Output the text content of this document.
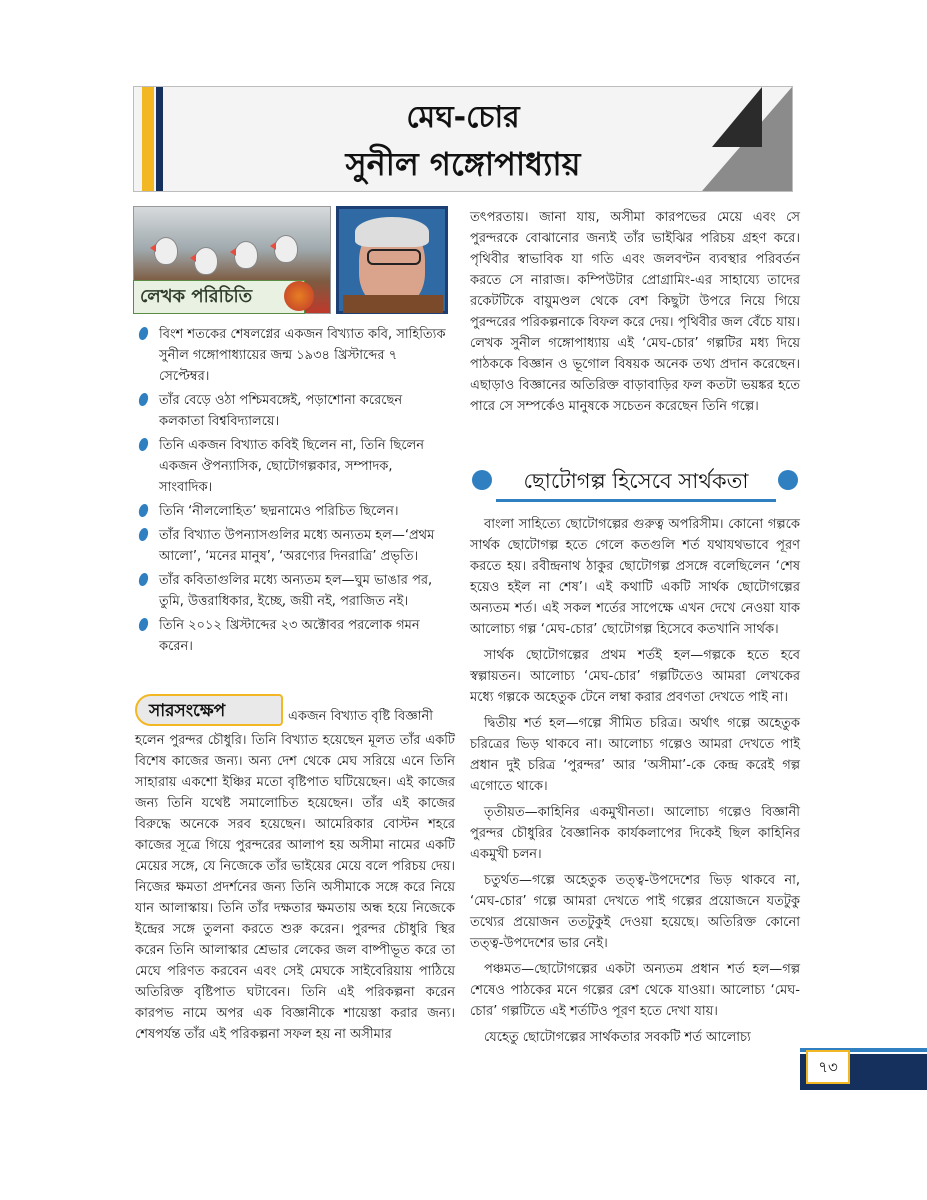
মেঘ-চোর
সুনীল গঙ্গোপাধ্যায়
লেখক পরিচিতি
বিংশ শতকের শেষলগ্নের একজন বিখ্যাত কবি, সাহিত্যিক সুনীল গঙ্গোপাধ্যায়ের জন্ম ১৯৩৪ খ্রিস্টাব্দের ৭ সেপ্টেম্বর।
তাঁর বেড়ে ওঠা পশ্চিমবঙ্গেই, পড়াশোনা করেছেন কলকাতা বিশ্ববিদ্যালয়ে।
তিনি একজন বিখ্যাত কবিই ছিলেন না, তিনি ছিলেন একজন ঔপন্যাসিক, ছোটোগল্পকার, সম্পাদক, সাংবাদিক।
তিনি ‘নীললোহিত’ ছদ্মনামেও পরিচিত ছিলেন।
তাঁর বিখ্যাত উপন্যাসগুলির মধ্যে অন্যতম হল—‘প্রথম আলো’, ‘মনের মানুষ’, ‘অরণ্যের দিনরাত্রি’ প্রভৃতি।
তাঁর কবিতাগুলির মধ্যে অন্যতম হল—ঘুম ভাঙার পর, তুমি, উত্তরাধিকার, ইচ্ছে, জয়ী নই, পরাজিত নই।
তিনি ২০১২ খ্রিস্টাব্দের ২৩ অক্টোবর পরলোক গমন করেন।
সারসংক্ষেপ	একজন বিখ্যাত বৃষ্টি বিজ্ঞানী
হলেন পুরন্দর চৌধুরি। তিনি বিখ্যাত হয়েছেন মূলত তাঁর একটি বিশেষ কাজের জন্য। অন্য দেশ থেকে মেঘ সরিয়ে এনে তিনি সাহারায় একশো ইঞ্চির মতো বৃষ্টিপাত ঘটিয়েছেন। এই কাজের জন্য তিনি যথেষ্ট সমালোচিত হয়েছেন। তাঁর এই কাজের বিরুদ্ধে অনেকে সরব হয়েছেন। আমেরিকার বোস্টন শহরে কাজের সূত্রে গিয়ে পুরন্দরের আলাপ হয় অসীমা নামের একটি মেয়ের সঙ্গে, যে নিজেকে তাঁর ভাইয়ের মেয়ে বলে পরিচয় দেয়। নিজের ক্ষমতা প্রদর্শনের জন্য তিনি অসীমাকে সঙ্গে করে নিয়ে যান আলাস্কায়। তিনি তাঁর দক্ষতার ক্ষমতায় অন্ধ হয়ে নিজেকে ইন্দ্রের সঙ্গে তুলনা করতে শুরু করেন। পুরন্দর চৌধুরি স্থির করেন তিনি আলাস্কার শ্রেভার লেকের জল বাষ্পীভূত করে তা মেঘে পরিণত করবেন এবং সেই মেঘকে সাইবেরিয়ায় পাঠিয়ে অতিরিক্ত বৃষ্টিপাত ঘটাবেন। তিনি এই পরিকল্পনা করেন কারপভ নামে অপর এক বিজ্ঞানীকে শায়েস্তা করার জন্য। শেষপর্যন্ত তাঁর এই পরিকল্পনা সফল হয় না অসীমার
তৎপরতায়। জানা যায়, অসীমা কারপভের মেয়ে এবং সে পুরন্দরকে বোঝানোর জন্যই তাঁর ভাইঝির পরিচয় গ্রহণ করে। পৃথিবীর স্বাভাবিক যা গতি এবং জলবণ্টন ব্যবস্থার পরিবর্তন করতে সে নারাজ। কম্পিউটার প্রোগ্রামিং-এর সাহায্যে তাদের রকেটটিকে বায়ুমণ্ডল থেকে বেশ কিছুটা উপরে নিয়ে গিয়ে পুরন্দরের পরিকল্পনাকে বিফল করে দেয়। পৃথিবীর জল বেঁচে যায়। লেখক সুনীল গঙ্গোপাধ্যায় এই ‘মেঘ-চোর’ গল্পটির মধ্য দিয়ে পাঠককে বিজ্ঞান ও ভূগোল বিষয়ক অনেক তথ্য প্রদান করেছেন। এছাড়াও বিজ্ঞানের অতিরিক্ত বাড়াবাড়ির ফল কতটা ভয়ঙ্কর হতে পারে সে সম্পর্কেও মানুষকে সচেতন করেছেন তিনি গল্পে।
ছোটোগল্প হিসেবে সার্থকতা

বাংলা সাহিত্যে ছোটোগল্পের গুরুত্ব অপরিসীম। কোনো গল্পকে সার্থক ছোটোগল্প হতে গেলে কতগুলি শর্ত যথাযথভাবে পূরণ করতে হয়। রবীন্দ্রনাথ ঠাকুর ছোটোগল্প প্রসঙ্গে বলেছিলেন ‘শেষ হয়েও হইল না শেষ’। এই কথাটি একটি সার্থক ছোটোগল্পের অন্যতম শর্ত। এই সকল শর্তের সাপেক্ষে এখন দেখে নেওয়া যাক আলোচ্য গল্প ‘মেঘ-চোর’ ছোটোগল্প হিসেবে কতখানি সার্থক।

সার্থক ছোটোগল্পের প্রথম শর্তই হল—গল্পকে হতে হবে স্বল্পায়তন। আলোচ্য ‘মেঘ-চোর’ গল্পটিতেও আমরা লেখকের মধ্যে গল্পকে অহেতুক টেনে লম্বা করার প্রবণতা দেখতে পাই না।

দ্বিতীয় শর্ত হল—গল্পে সীমিত চরিত্র। অর্থাৎ গল্পে অহেতুক চরিত্রের ভিড় থাকবে না। আলোচ্য গল্পেও আমরা দেখতে পাই প্রধান দুই চরিত্র ‘পুরন্দর’ আর ‘অসীমা’-কে কেন্দ্র করেই গল্প এগোতে থাকে।

তৃতীয়ত—কাহিনির একমুখীনতা। আলোচ্য গল্পেও বিজ্ঞানী পুরন্দর চৌধুরির বৈজ্ঞানিক কার্যকলাপের দিকেই ছিল কাহিনির একমুখী চলন।

চতুর্থত—গল্পে অহেতুক তত্ত্ব-উপদেশের ভিড় থাকবে না, ‘মেঘ-চোর’ গল্পে আমরা দেখতে পাই গল্পের প্রয়োজনে যতটুকু তথ্যের প্রয়োজন ততটুকুই দেওয়া হয়েছে। অতিরিক্ত কোনো তত্ত্ব-উপদেশের ভার নেই।

পঞ্চমত—ছোটোগল্পের একটা অন্যতম প্রধান শর্ত হল—গল্প শেষেও পাঠকের মনে গল্পের রেশ থেকে যাওয়া। আলোচ্য ‘মেঘ-চোর’ গল্পটিতে এই শর্তটিও পূরণ হতে দেখা যায়।

যেহেতু ছোটোগল্পের সার্থকতার সবকটি শর্ত আলোচ্য

৭৩
